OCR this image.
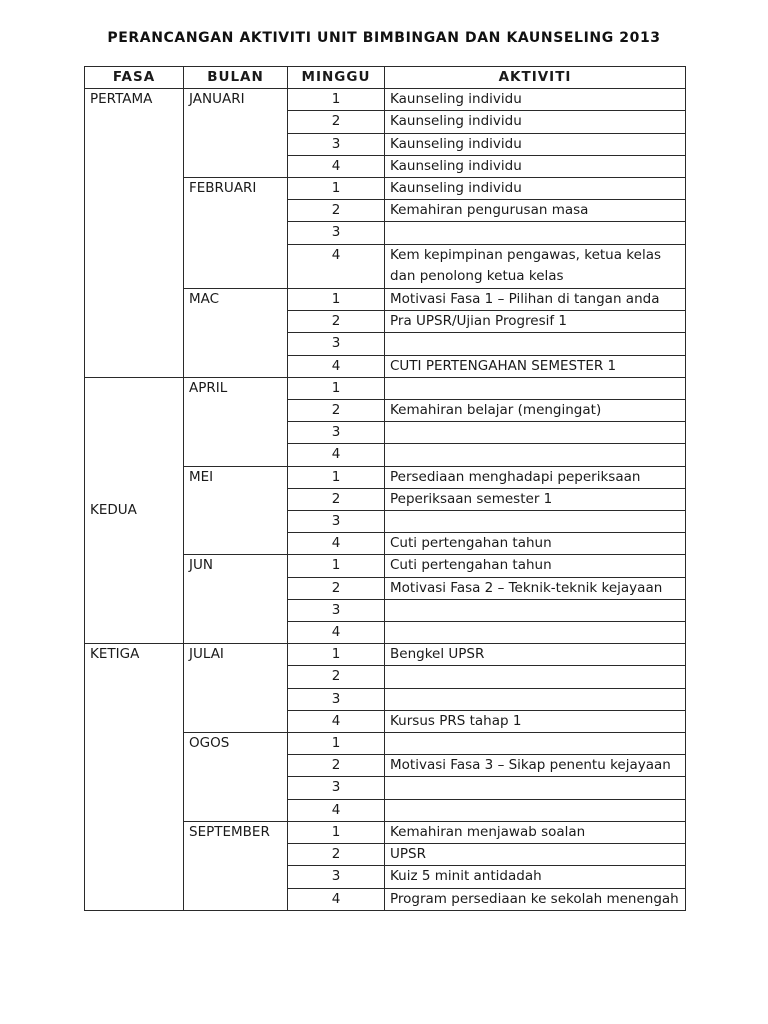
PERANCANGAN AKTIVITI UNIT BIMBINGAN DAN KAUNSELING 2013
FASA	BULAN	MINGGU	AKTIVITI
PERTAMA	JANUARI	1	Kaunseling individu
		2	Kaunseling individu
		3	Kaunseling individu
		4	Kaunseling individu
	FEBRUARI	1	Kaunseling individu
		2	Kemahiran pengurusan masa
		3	
		4	Kem kepimpinan pengawas, ketua kelas dan penolong ketua kelas
	MAC	1	Motivasi Fasa 1 – Pilihan di tangan anda
		2	Pra UPSR/Ujian Progresif 1
		3	
		4	CUTI PERTENGAHAN SEMESTER 1
KEDUA	APRIL	1	
		2	Kemahiran belajar (mengingat)
		3	
		4	
	MEI	1	Persediaan menghadapi peperiksaan
		2	Peperiksaan semester 1
		3	
		4	Cuti pertengahan tahun
	JUN	1	Cuti pertengahan tahun
		2	Motivasi Fasa 2 – Teknik-teknik kejayaan
		3	
		4	
KETIGA	JULAI	1	Bengkel UPSR
		2	
		3	
		4	Kursus PRS tahap 1
	OGOS	1	
		2	Motivasi Fasa 3 – Sikap penentu kejayaan
		3	
		4	
	SEPTEMBER	1	Kemahiran menjawab soalan
		2	UPSR
		3	Kuiz 5 minit antidadah
		4	Program persediaan ke sekolah menengah
